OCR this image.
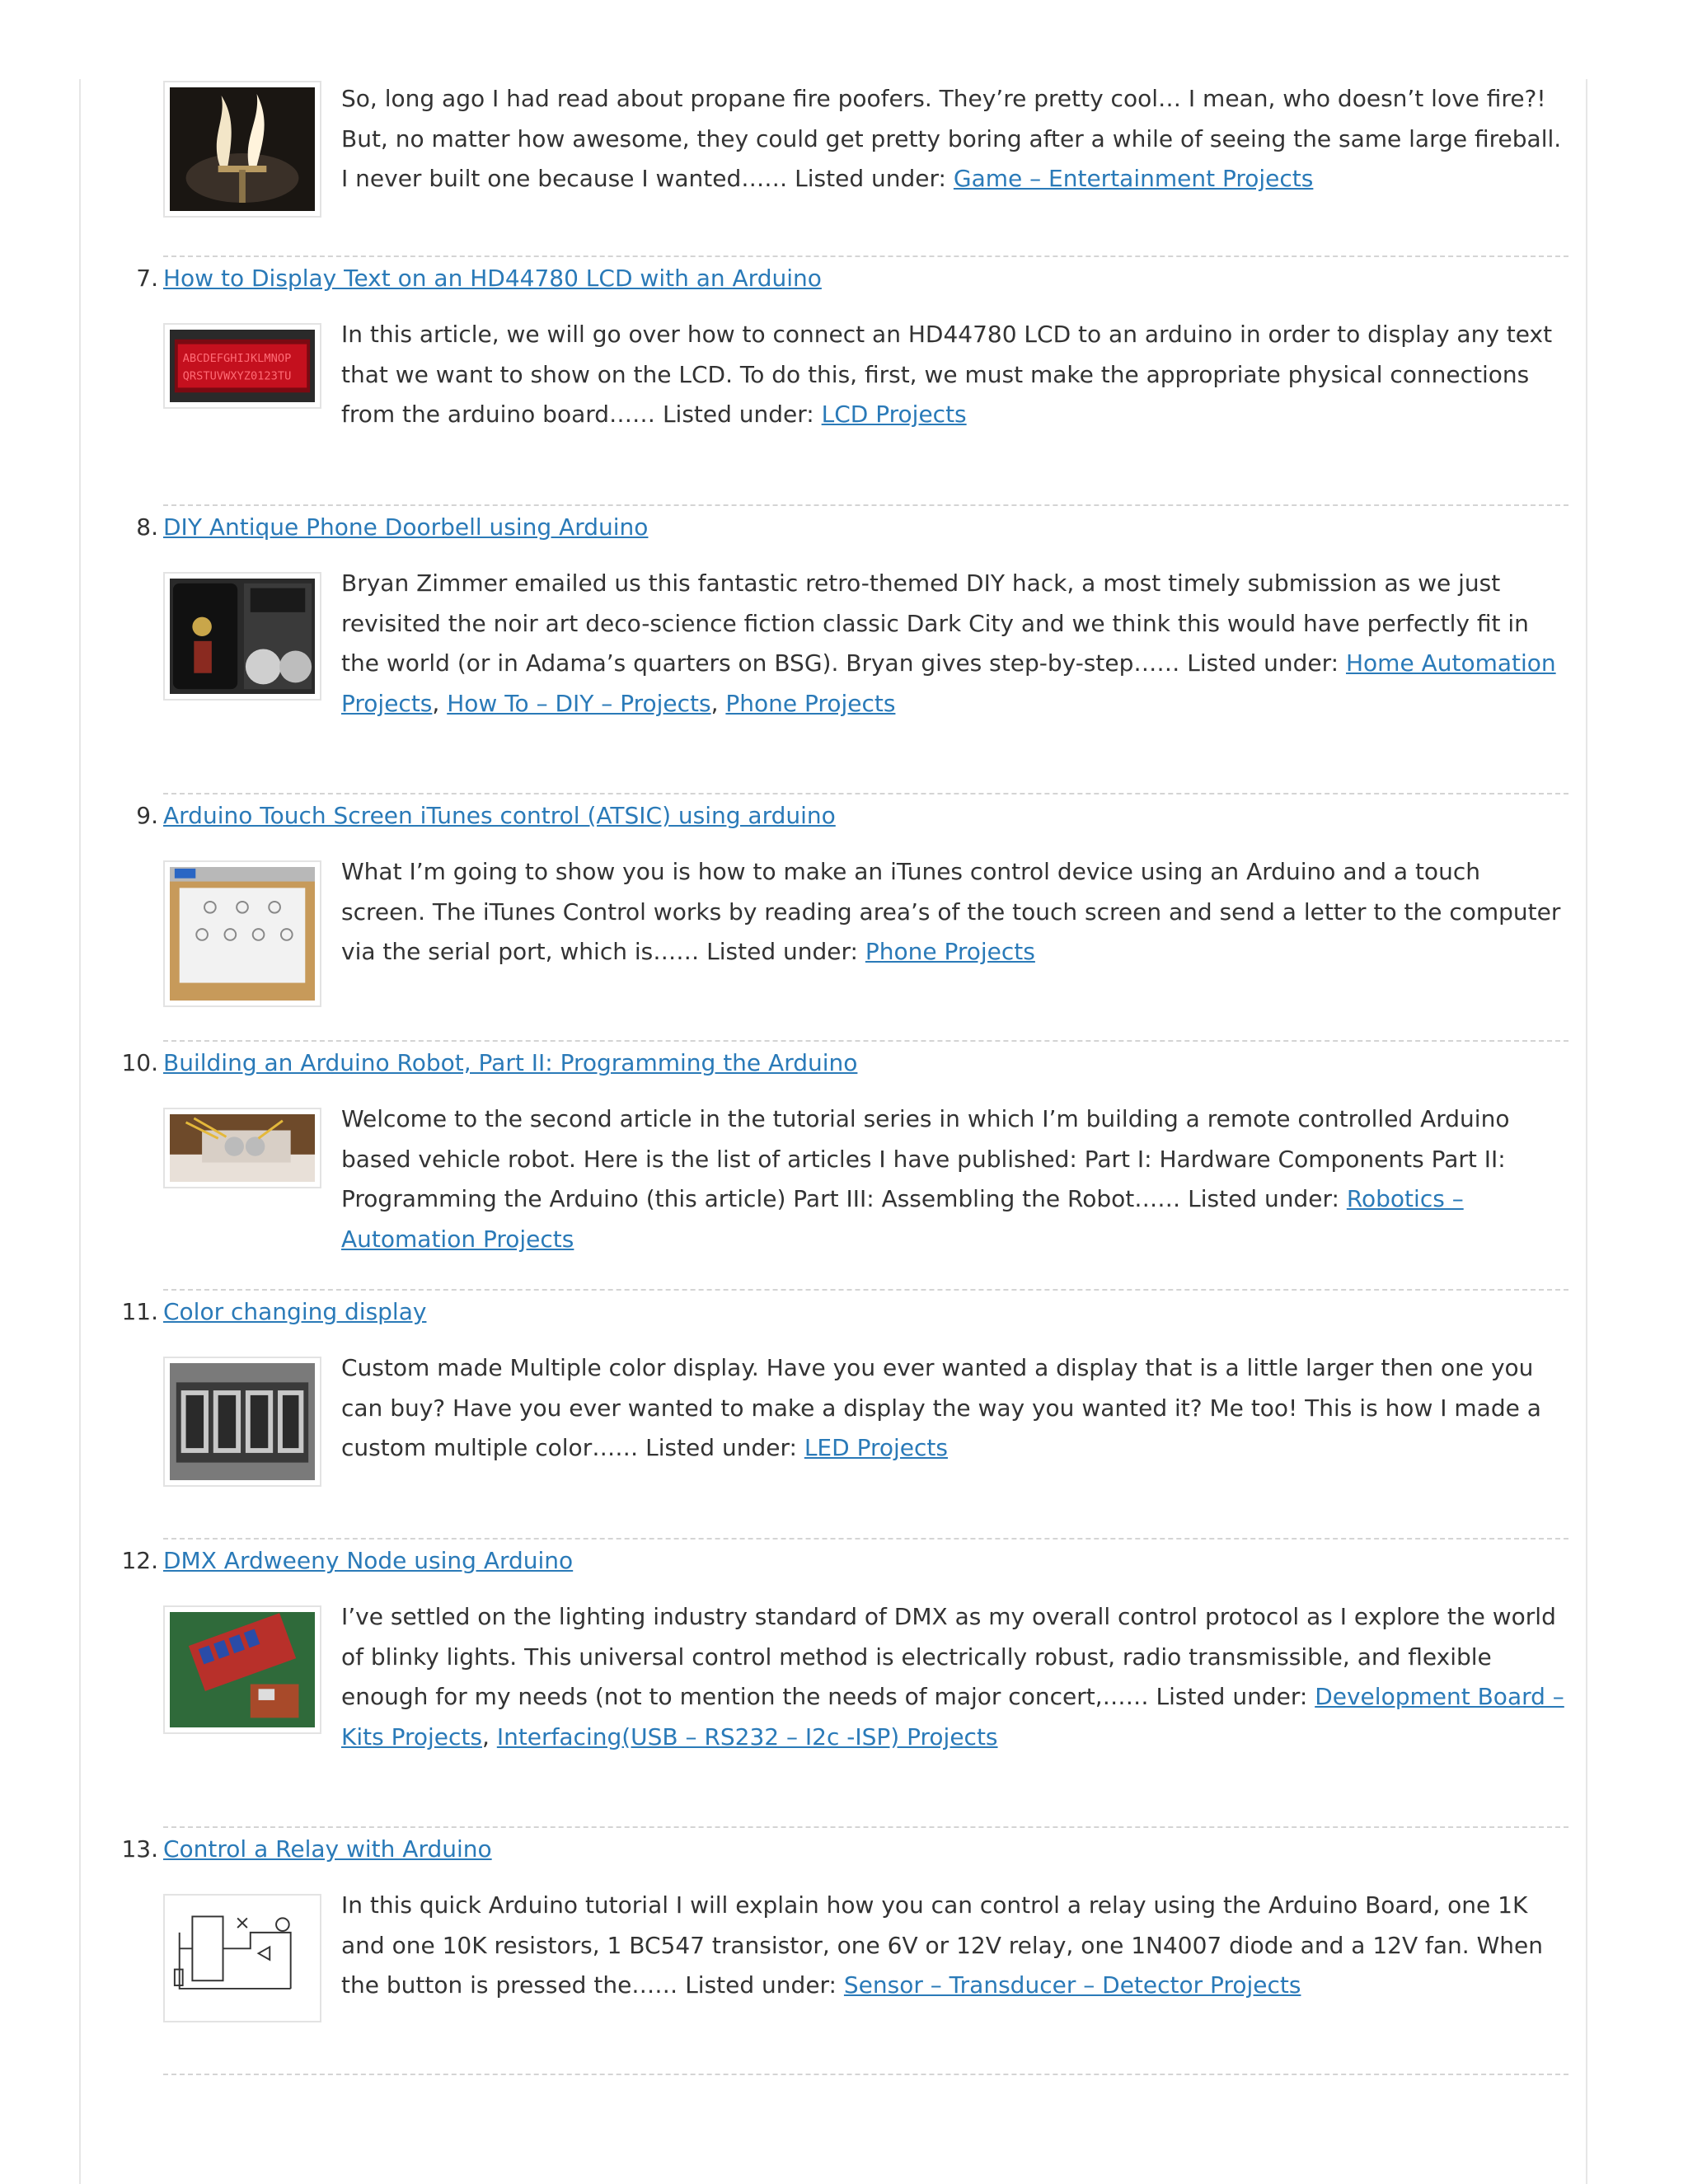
So, long ago I had read about propane fire poofers. They’re pretty cool… I mean, who doesn’t love fire?! But, no matter how awesome, they could get pretty boring after a while of seeing the same large fireball. I never built one because I wanted…… Listed under: Game – Entertainment Projects
7. How to Display Text on an HD44780 LCD with an Arduino
ABCDEFGHIJKLMNOP
QRSTUVWXYZ0123TU
In this article, we will go over how to connect an HD44780 LCD to an arduino in order to display any text that we want to show on the LCD. To do this, first, we must make the appropriate physical connections from the arduino board…… Listed under: LCD Projects
8. DIY Antique Phone Doorbell using Arduino
Bryan Zimmer emailed us this fantastic retro-themed DIY hack, a most timely submission as we just revisited the noir art deco-science fiction classic Dark City and we think this would have perfectly fit in the world (or in Adama’s quarters on BSG). Bryan gives step-by-step…… Listed under: Home Automation Projects, How To – DIY – Projects, Phone Projects
9. Arduino Touch Screen iTunes control (ATSIC) using arduino
What I’m going to show you is how to make an iTunes control device using an Arduino and a touch screen. The iTunes Control works by reading area’s of the touch screen and send a letter to the computer via the serial port, which is…… Listed under: Phone Projects
10. Building an Arduino Robot, Part II: Programming the Arduino
Welcome to the second article in the tutorial series in which I’m building a remote controlled Arduino based vehicle robot. Here is the list of articles I have published: Part I: Hardware Components Part II: Programming the Arduino (this article) Part III: Assembling the Robot…… Listed under: Robotics – Automation Projects
11. Color changing display
Custom made Multiple color display. Have you ever wanted a display that is a little larger then one you can buy? Have you ever wanted to make a display the way you wanted it? Me too! This is how I made a custom multiple color…… Listed under: LED Projects
12. DMX Ardweeny Node using Arduino
I’ve settled on the lighting industry standard of DMX as my overall control protocol as I explore the world of blinky lights. This universal control method is electrically robust, radio transmissible, and flexible enough for my needs (not to mention the needs of major concert,…… Listed under: Development Board – Kits Projects, Interfacing(USB – RS232 – I2c -ISP) Projects
13. Control a Relay with Arduino
In this quick Arduino tutorial I will explain how you can control a relay using the Arduino Board, one 1K and one 10K resistors, 1 BC547 transistor, one 6V or 12V relay, one 1N4007 diode and a 12V fan. When the button is pressed the…… Listed under: Sensor – Transducer – Detector Projects
